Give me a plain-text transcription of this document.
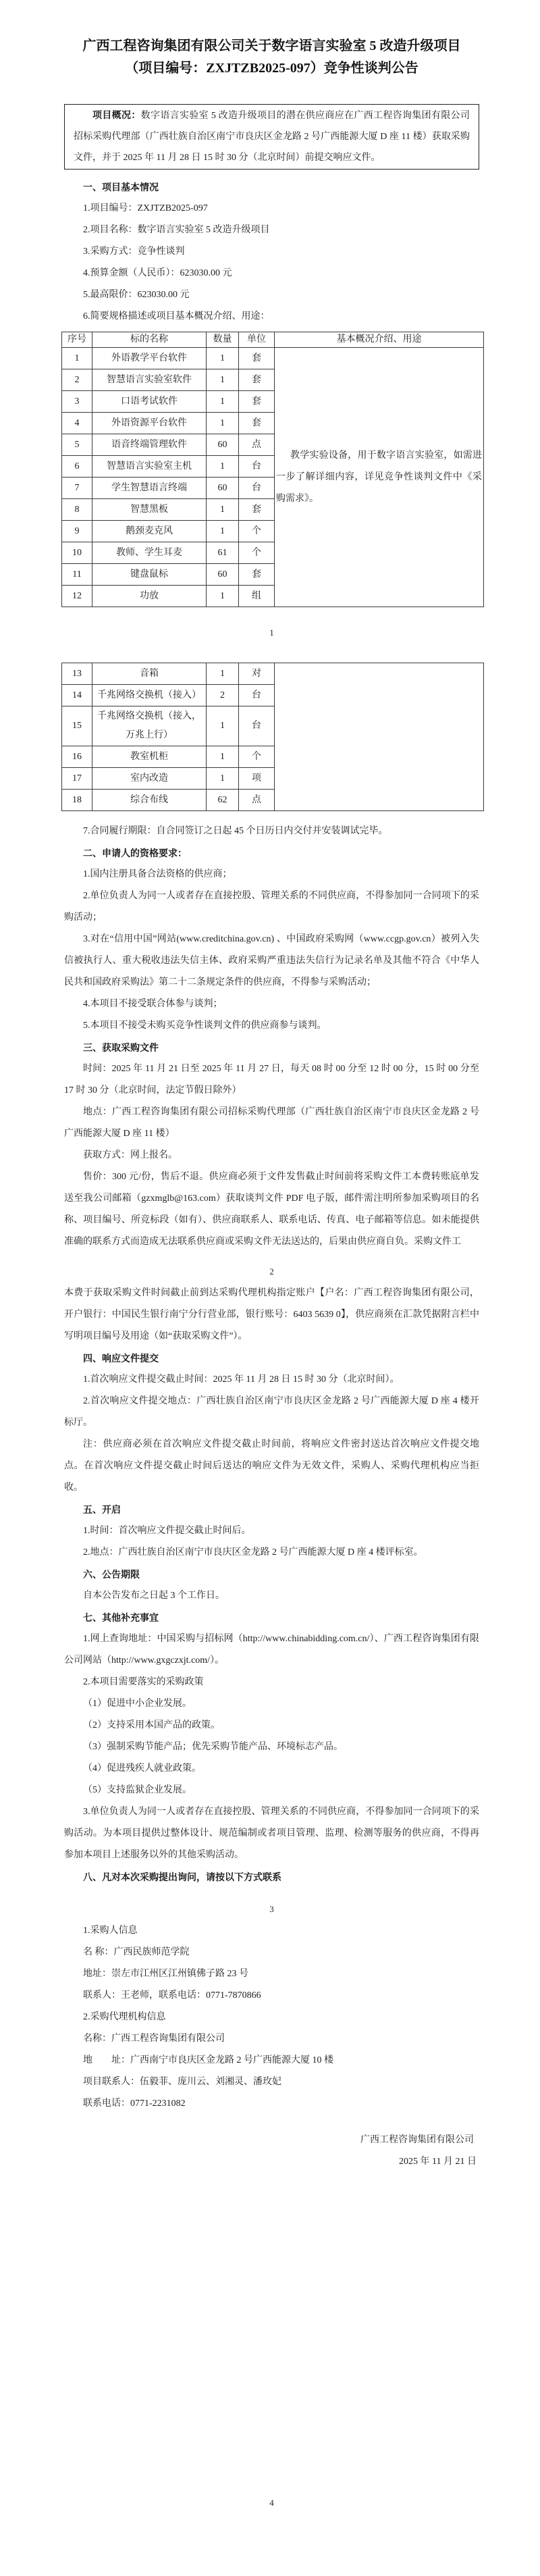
广西工程咨询集团有限公司关于数字语言实验室 5 改造升级项目
（项目编号：ZXJTZB2025-097）竞争性谈判公告
项目概况：数字语言实验室 5 改造升级项目的潜在供应商应在广西工程咨询集团有限公司招标采购代理部（广西壮族自治区南宁市良庆区金龙路 2 号广西能源大厦 D 座 11 楼）获取采购文件，并于 2025 年 11 月 28 日 15 时 30 分（北京时间）前提交响应文件。
一、项目基本情况
1.项目编号：ZXJTZB2025-097
2.项目名称：数字语言实验室 5 改造升级项目
3.采购方式：竞争性谈判
4.预算金额（人民币）：623030.00 元
5.最高限价：623030.00 元
6.简要规格描述或项目基本概况介绍、用途：
序号	标的名称	数量	单位	基本概况介绍、用途
1	外语教学平台软件	1	套	教学实验设备，用于数字语言实验室，如需进一步了解详细内容，详见竞争性谈判文件中《采购需求》。

2	智慧语言实验室软件	1	套	
3	口语考试软件	1	套	
4	外语资源平台软件	1	套	
5	语音终端管理软件	60	点	
6	智慧语言实验室主机	1	台	
7	学生智慧语言终端	60	台	
8	智慧黑板	1	套	
9	鹅颈麦克风	1	个	
10	教师、学生耳麦	61	个	
11	键盘鼠标	60	套	
12	功放	1	组	
1
13	音箱	1	对	
14	千兆网络交换机（接入）	2	台	
15	千兆网络交换机（接入，万兆上行）	1	台	
16	教室机柜	1	个	
17	室内改造	1	项	
18	综合布线	62	点	
7.合同履行期限：自合同签订之日起 45 个日历日内交付并安装调试完毕。
二、申请人的资格要求：
1.国内注册具备合法资格的供应商；
2.单位负责人为同一人或者存在直接控股、管理关系的不同供应商，不得参加同一合同项下的采购活动；
3.对在“信用中国”网站(www.creditchina.gov.cn) 、中国政府采购网（www.ccgp.gov.cn）被列入失信被执行人、重大税收违法失信主体、政府采购严重违法失信行为记录名单及其他不符合《中华人民共和国政府采购法》第二十二条规定条件的供应商，不得参与采购活动；
4.本项目不接受联合体参与谈判；
5.本项目不接受未购买竞争性谈判文件的供应商参与谈判。
三、获取采购文件
时间：2025 年 11 月 21 日至 2025 年 11 月 27 日，每天 08 时 00 分至 12 时 00 分，15 时 00 分至 17 时 30 分（北京时间，法定节假日除外）
地点：广西工程咨询集团有限公司招标采购代理部（广西壮族自治区南宁市良庆区金龙路 2 号广西能源大厦 D 座 11 楼）
获取方式：网上报名。
售价：300 元/份，售后不退。供应商必须于文件发售截止时间前将采购文件工本费转账底单发送至我公司邮箱（gzxmglb@163.com）获取谈判文件 PDF 电子版，邮件需注明所参加采购项目的名称、项目编号、所竞标段（如有）、供应商联系人、联系电话、传真、电子邮箱等信息。如未能提供准确的联系方式而造成无法联系供应商或采购文件无法送达的，后果由供应商自负。采购文件工
2
本费于获取采购文件时间截止前到达采购代理机构指定账户【户名：广西工程咨询集团有限公司，开户银行：中国民生银行南宁分行营业部，银行账号：6403 5639 0】，供应商须在汇款凭据附言栏中写明项目编号及用途（如“获取采购文件”）。
四、响应文件提交
1.首次响应文件提交截止时间：2025 年 11 月 28 日 15 时 30 分（北京时间）。
2.首次响应文件提交地点：广西壮族自治区南宁市良庆区金龙路 2 号广西能源大厦 D 座 4 楼开标厅。
注：供应商必须在首次响应文件提交截止时间前，将响应文件密封送达首次响应文件提交地点。在首次响应文件提交截止时间后送达的响应文件为无效文件，采购人、采购代理机构应当拒收。
五、开启
1.时间：首次响应文件提交截止时间后。
2.地点：广西壮族自治区南宁市良庆区金龙路 2 号广西能源大厦 D 座 4 楼评标室。
六、公告期限
自本公告发布之日起 3 个工作日。
七、其他补充事宜
1.网上查询地址：中国采购与招标网（http://www.chinabidding.com.cn/）、广西工程咨询集团有限公司网站（http://www.gxgczxjt.com/）。
2.本项目需要落实的采购政策
（1）促进中小企业发展。
（2）支持采用本国产品的政策。
（3）强制采购节能产品；优先采购节能产品、环境标志产品。
（4）促进残疾人就业政策。
（5）支持监狱企业发展。
3.单位负责人为同一人或者存在直接控股、管理关系的不同供应商，不得参加同一合同项下的采购活动。为本项目提供过整体设计、规范编制或者项目管理、监理、检测等服务的供应商，不得再参加本项目上述服务以外的其他采购活动。
八、凡对本次采购提出询问，请按以下方式联系
3
1.采购人信息
名 称：广西民族师范学院
地址：崇左市江州区江州镇佛子路 23 号
联系人：王老师，联系电话：0771-7870866
2.采购代理机构信息
名称：广西工程咨询集团有限公司
地　　址：广西南宁市良庆区金龙路 2 号广西能源大厦 10 楼
项目联系人：伍毅菲、庞川云、刘湘灵、潘玫妃
联系电话：0771-2231082
广西工程咨询集团有限公司
2025 年 11 月 21 日
4
